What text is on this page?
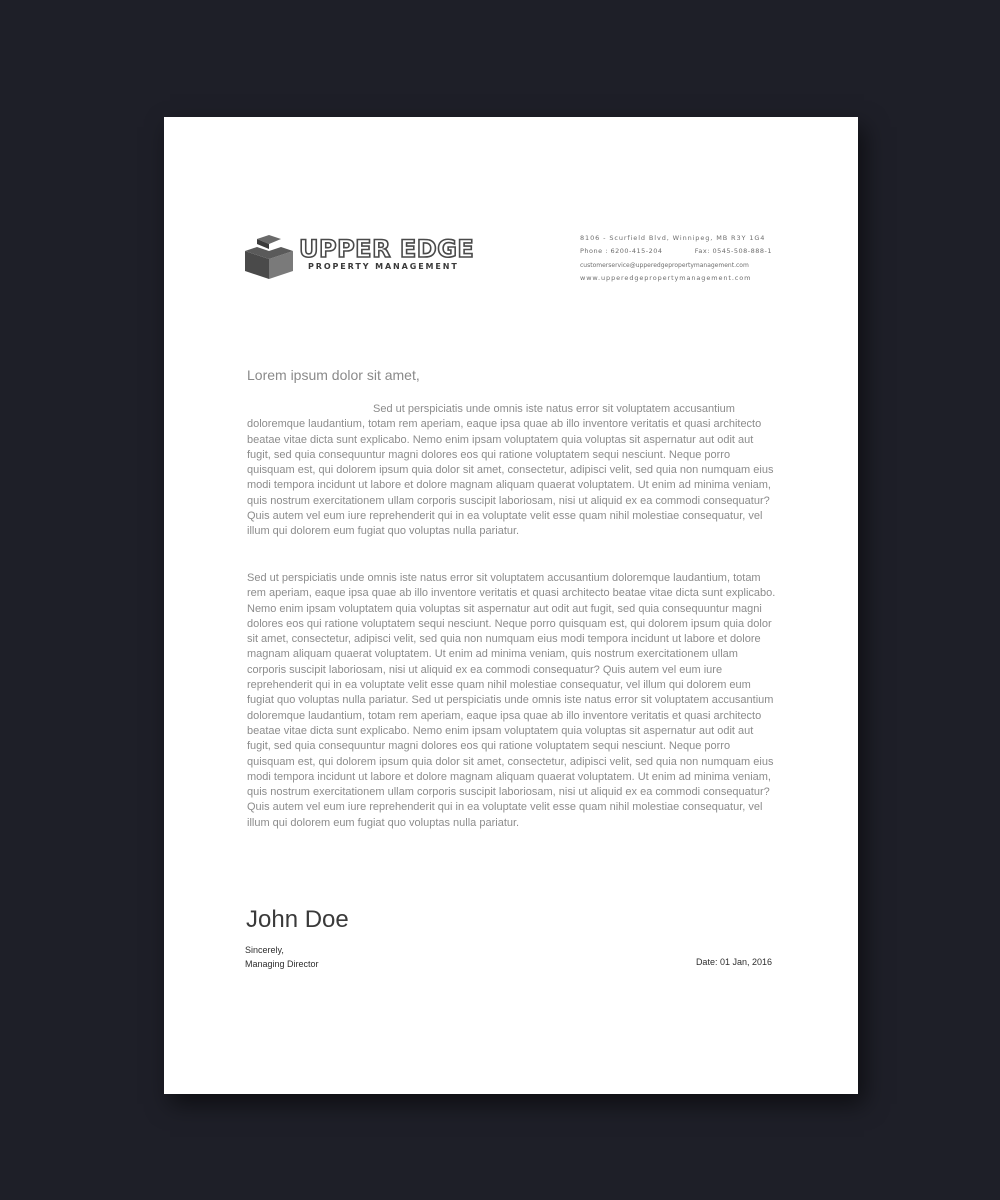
UPPER EDGE
PROPERTY MANAGEMENT
8106 - Scurfield Blvd, Winnipeg, MB R3Y 1G4
Phone : 6200-415-204	Fax: 0545-508-888-1
customerservice@upperedgepropertymanagement.com
www.upperedgepropertymanagement.com
Lorem ipsum dolor sit amet,

Sed ut perspiciatis unde omnis iste natus error sit voluptatem accusantium doloremque laudantium, totam rem aperiam, eaque ipsa quae ab illo inventore veritatis et quasi architecto beatae vitae dicta sunt explicabo. Nemo enim ipsam voluptatem quia voluptas sit aspernatur aut odit aut fugit, sed quia consequuntur magni dolores eos qui ratione voluptatem sequi nesciunt. Neque porro quisquam est, qui dolorem ipsum quia dolor sit amet, consectetur, adipisci velit, sed quia non numquam eius modi tempora incidunt ut labore et dolore magnam aliquam quaerat voluptatem. Ut enim ad minima veniam, quis nostrum exercitationem ullam corporis suscipit laboriosam, nisi ut aliquid ex ea commodi consequatur? Quis autem vel eum iure reprehenderit qui in ea voluptate velit esse quam nihil molestiae consequatur, vel illum qui dolorem eum fugiat quo voluptas nulla pariatur.

Sed ut perspiciatis unde omnis iste natus error sit voluptatem accusantium doloremque laudantium, totam rem aperiam, eaque ipsa quae ab illo inventore veritatis et quasi architecto beatae vitae dicta sunt explicabo. Nemo enim ipsam voluptatem quia voluptas sit aspernatur aut odit aut fugit, sed quia consequuntur magni dolores eos qui ratione voluptatem sequi nesciunt. Neque porro quisquam est, qui dolorem ipsum quia dolor sit amet, consectetur, adipisci velit, sed quia non numquam eius modi tempora incidunt ut labore et dolore magnam aliquam quaerat voluptatem. Ut enim ad minima veniam, quis nostrum exercitationem ullam corporis suscipit laboriosam, nisi ut aliquid ex ea commodi consequatur? Quis autem vel eum iure reprehenderit qui in ea voluptate velit esse quam nihil molestiae consequatur, vel illum qui dolorem eum fugiat quo voluptas nulla pariatur. Sed ut perspiciatis unde omnis iste natus error sit voluptatem accusantium doloremque laudantium, totam rem aperiam, eaque ipsa quae ab illo inventore veritatis et quasi architecto beatae vitae dicta sunt explicabo. Nemo enim ipsam voluptatem quia voluptas sit aspernatur aut odit aut fugit, sed quia consequuntur magni dolores eos qui ratione voluptatem sequi nesciunt. Neque porro quisquam est, qui dolorem ipsum quia dolor sit amet, consectetur, adipisci velit, sed quia non numquam eius modi tempora incidunt ut labore et dolore magnam aliquam quaerat voluptatem. Ut enim ad minima veniam, quis nostrum exercitationem ullam corporis suscipit laboriosam, nisi ut aliquid ex ea commodi consequatur? Quis autem vel eum iure reprehenderit qui in ea voluptate velit esse quam nihil molestiae consequatur, vel illum qui dolorem eum fugiat quo voluptas nulla pariatur.

John Doe
Sincerely,
Managing Director	Date: 01 Jan, 2016
